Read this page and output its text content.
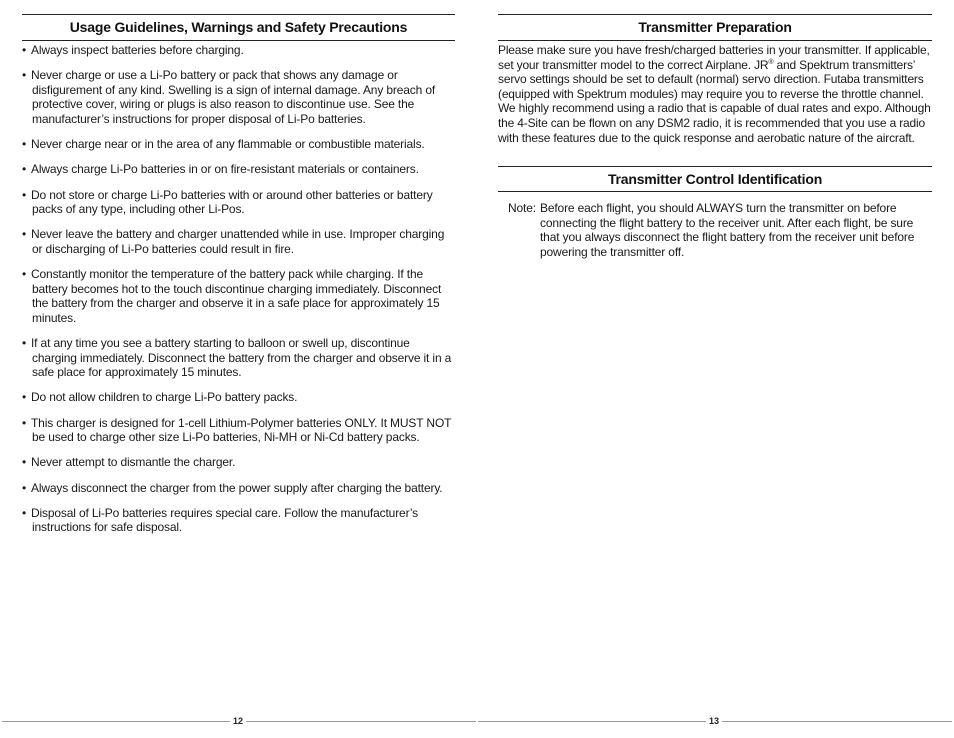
Usage Guidelines, Warnings and Safety Precautions
• Always inspect batteries before charging.
• Never charge or use a Li-Po battery or pack that shows any damage or disfigurement of any kind. Swelling is a sign of internal damage. Any breach of protective cover, wiring or plugs is also reason to discontinue use. See the manufacturer’s instructions for proper disposal of Li-Po batteries.
• Never charge near or in the area of any flammable or combustible materials.
• Always charge Li-Po batteries in or on fire-resistant materials or containers.
• Do not store or charge Li-Po batteries with or around other batteries or battery packs of any type, including other Li-Pos.
• Never leave the battery and charger unattended while in use. Improper charging or discharging of Li-Po batteries could result in fire.
• Constantly monitor the temperature of the battery pack while charging. If the battery becomes hot to the touch discontinue charging immediately. Disconnect the battery from the charger and observe it in a safe place for approximately 15 minutes.
• If at any time you see a battery starting to balloon or swell up, discontinue charging immediately. Disconnect the battery from the charger and observe it in a safe place for approximately 15 minutes.
• Do not allow children to charge Li-Po battery packs.
• This charger is designed for 1-cell Lithium-Polymer batteries ONLY. It MUST NOT be used to charge other size Li-Po batteries, Ni-MH or Ni-Cd battery packs.
• Never attempt to dismantle the charger.
• Always disconnect the charger from the power supply after charging the battery.
• Disposal of Li-Po batteries requires special care. Follow the manufacturer’s instructions for safe disposal.
Transmitter Preparation

Please make sure you have fresh/charged batteries in your transmitter. If applicable, set your transmitter model to the correct Airplane. JR® and Spektrum transmitters’ servo settings should be set to default (normal) servo direction. Futaba transmitters (equipped with Spektrum modules) may require you to reverse the throttle channel. We highly recommend using a radio that is capable of dual rates and expo. Although the 4-Site can be flown on any DSM2 radio, it is recommended that you use a radio with these features due to the quick response and aerobatic nature of the aircraft.

Transmitter Control Identification
Note: Before each flight, you should ALWAYS turn the transmitter on before connecting the flight battery to the receiver unit. After each flight, be sure that you always disconnect the flight battery from the receiver unit before powering the transmitter off.
12	13
